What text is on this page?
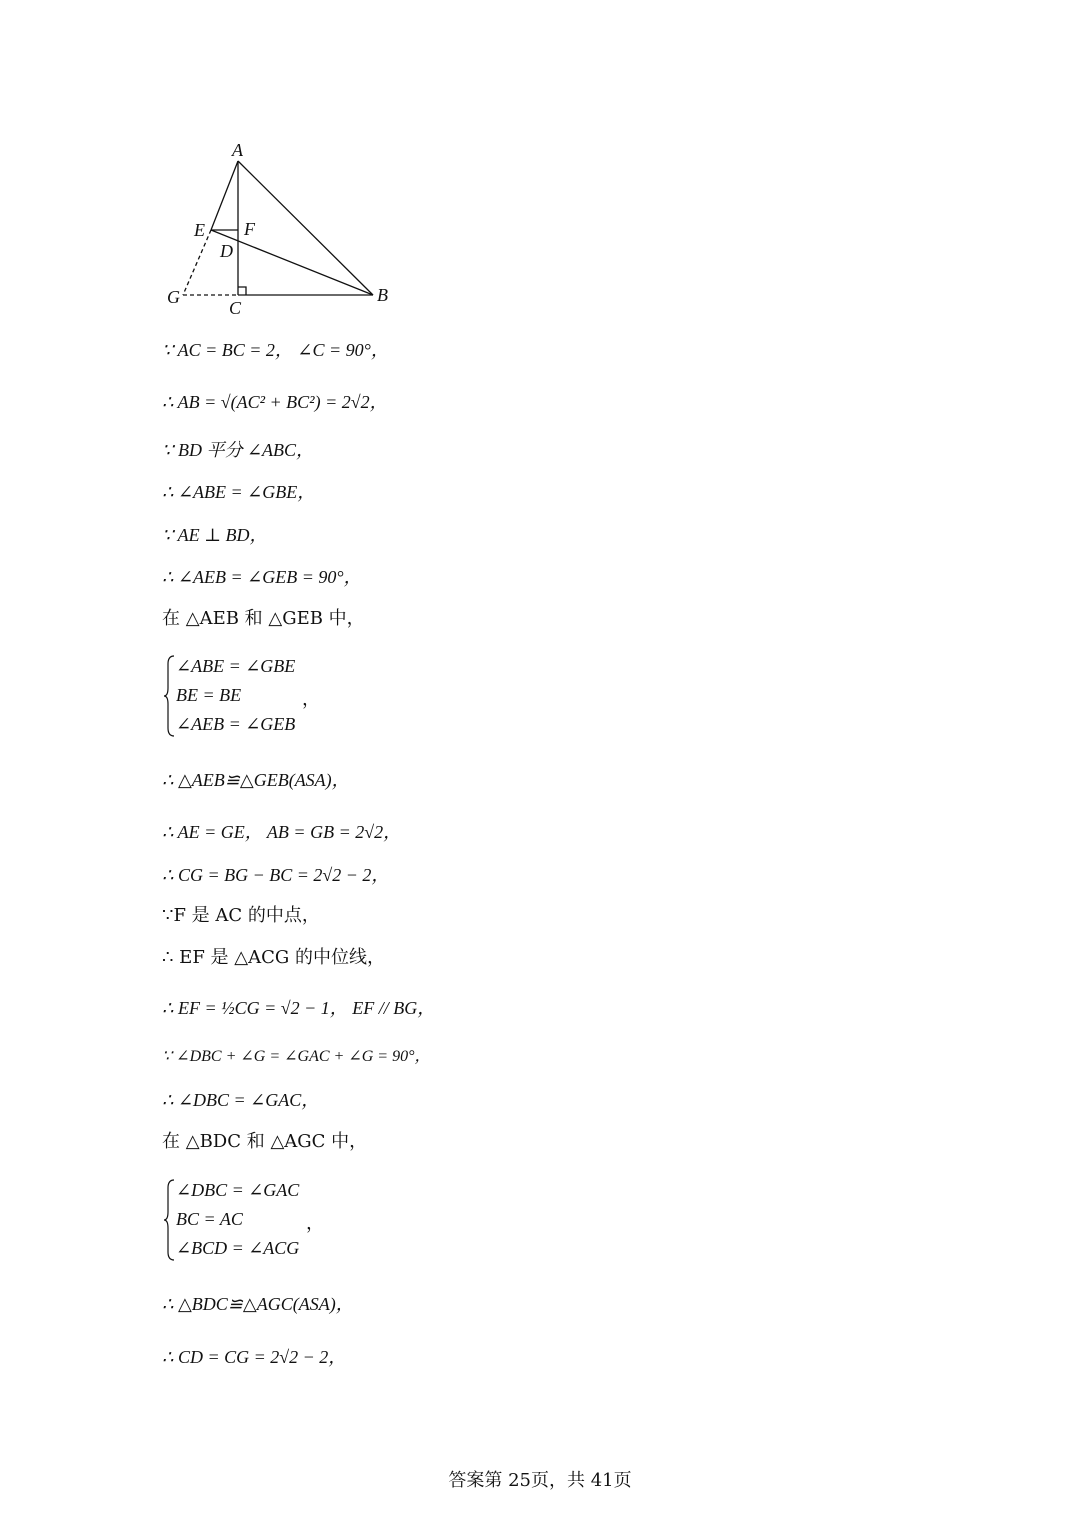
A
E F
D
G
C
B
∵ AC = BC = 2， ∠C = 90°，
∴ AB = √(AC² + BC²) = 2√2，
∵ BD 平分 ∠ABC，
∴ ∠ABE = ∠GBE，
∵ AE ⊥ BD，
∴ ∠AEB = ∠GEB = 90°，
在 △AEB 和 △GEB 中，
∠ABE = ∠GBE
BE = BE
∠AEB = ∠GEB
，
∴ △AEB≌△GEB(ASA)，
∴ AE = GE， AB = GB = 2√2，
∴ CG = BG − BC = 2√2 − 2，
∵F 是 AC 的中点，
∴ EF 是 △ACG 的中位线，
∴ EF = ½CG = √2 − 1， EF // BG，
∵ ∠DBC + ∠G = ∠GAC + ∠G = 90°，
∴ ∠DBC = ∠GAC，
在 △BDC 和 △AGC 中，
∠DBC = ∠GAC
BC = AC
∠BCD = ∠ACG
，
∴ △BDC≌△AGC(ASA)，
∴ CD = CG = 2√2 − 2，
答案第 25页，共 41页
